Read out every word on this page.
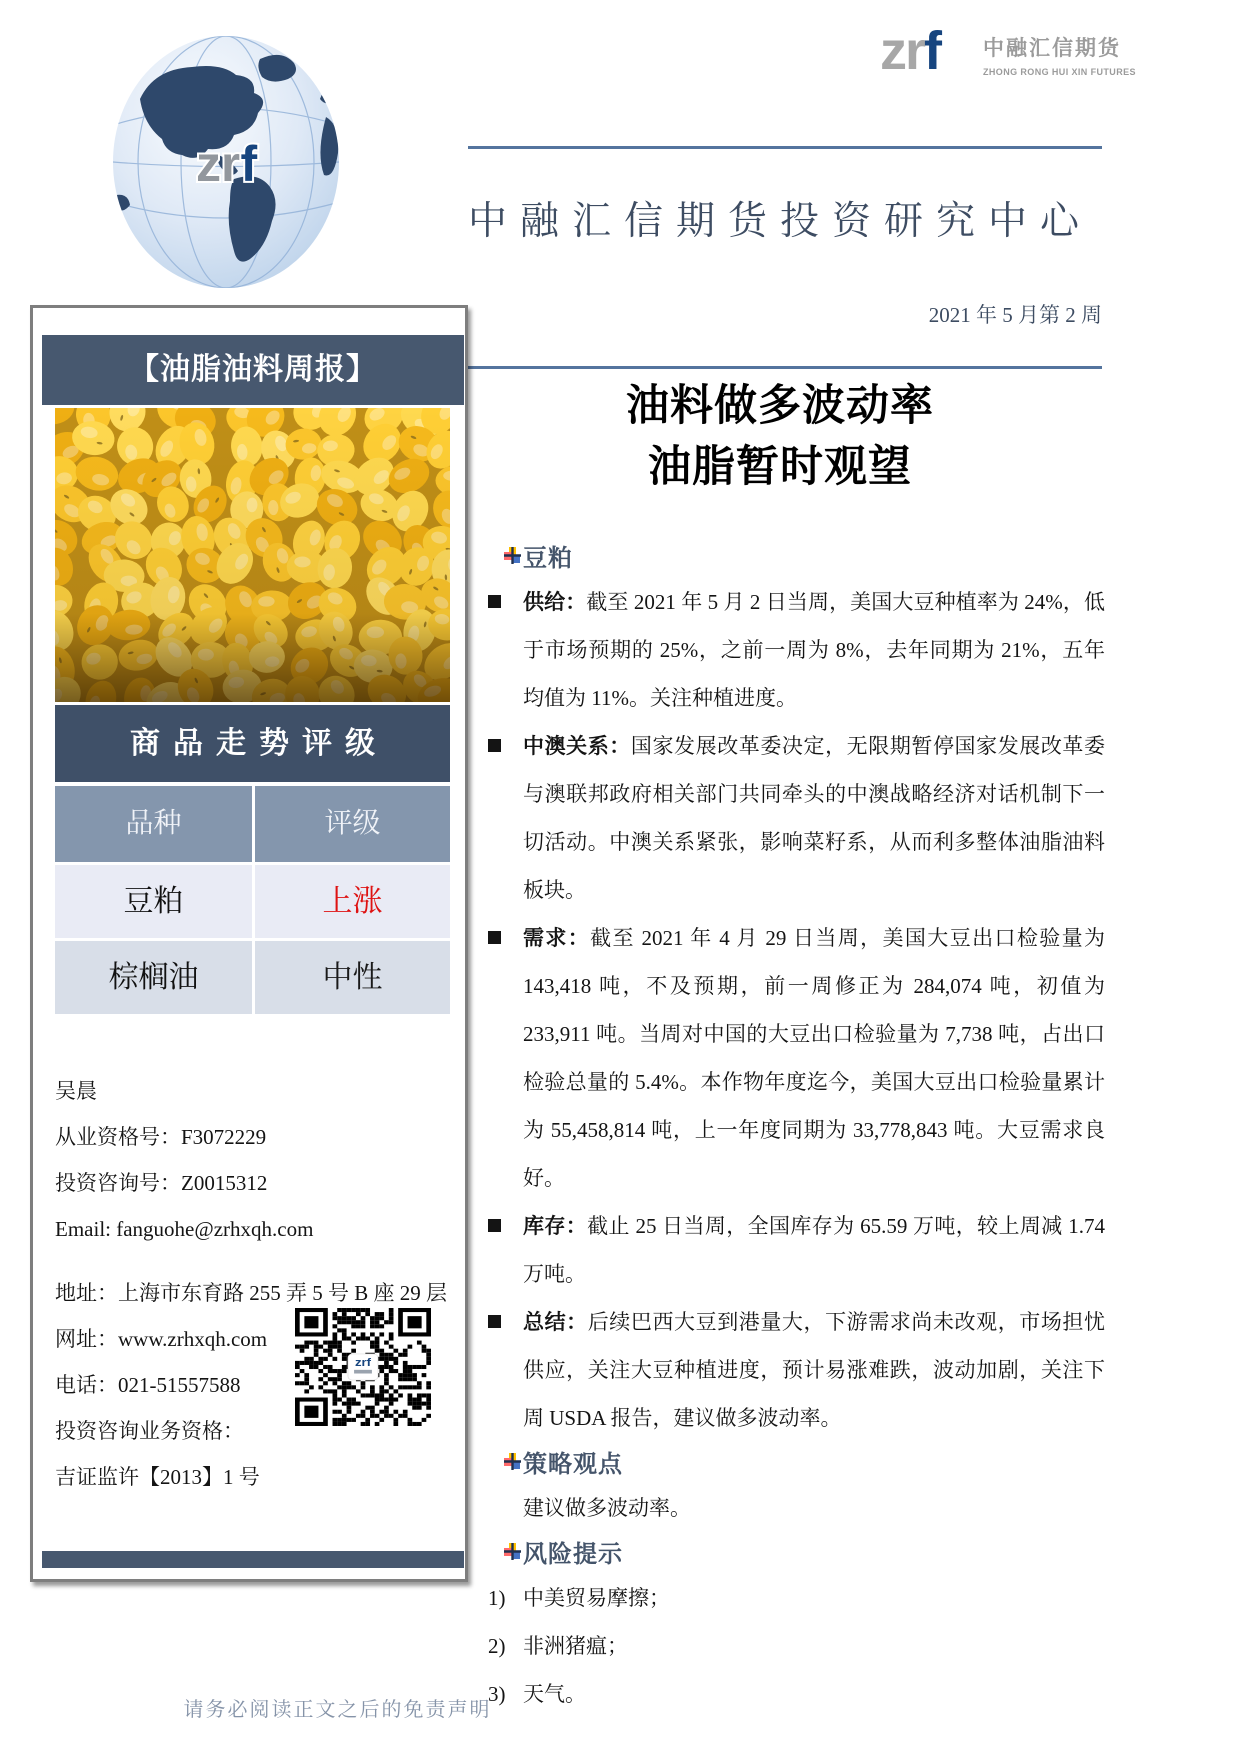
zrf
zrf 中融汇信期货
ZHONG RONG HUI XIN FUTURES
中融汇信期货投资研究中心
2021 年 5 月第 2 周
油料做多波动率
油脂暂时观望
豆粕

供给：截至 2021 年 5 月 2 日当周，美国大豆种植率为 24%，低于市场预期的 25%，之前一周为 8%，去年同期为 21%，五年均值为 11%。关注种植进度。

中澳关系：国家发展改革委决定，无限期暂停国家发展改革委与澳联邦政府相关部门共同牵头的中澳战略经济对话机制下一切活动。中澳关系紧张，影响菜籽系，从而利多整体油脂油料板块。

需求：截至 2021 年 4 月 29 日当周，美国大豆出口检验量为 143,418 吨，不及预期，前一周修正为 284,074 吨，初值为 233,911 吨。当周对中国的大豆出口检验量为 7,738 吨，占出口检验总量的 5.4%。本作物年度迄今，美国大豆出口检验量累计为 55,458,814 吨，上一年度同期为 33,778,843 吨。大豆需求良好。

库存：截止 25 日当周，全国库存为 65.59 万吨，较上周减 1.74 万吨。

总结：后续巴西大豆到港量大，下游需求尚未改观，市场担忧供应，关注大豆种植进度，预计易涨难跌，波动加剧，关注下周 USDA 报告，建议做多波动率。

策略观点

建议做多波动率。

风险提示

1) 中美贸易摩擦；

2) 非洲猪瘟；

3) 天气。

【油脂油料周报】
商品走势评级
品种	评级
豆粕	上涨
棕榈油	中性
吴晨
从业资格号：F3072229
投资咨询号：Z0015312
Email: fanguohe@zrhxqh.com
地址：上海市东育路 255 弄 5 号 B 座 29 层
网址：www.zrhxqh.com
电话：021-51557588
投资咨询业务资格：
吉证监许【2013】1 号
zrf
请务必阅读正文之后的免责声明
